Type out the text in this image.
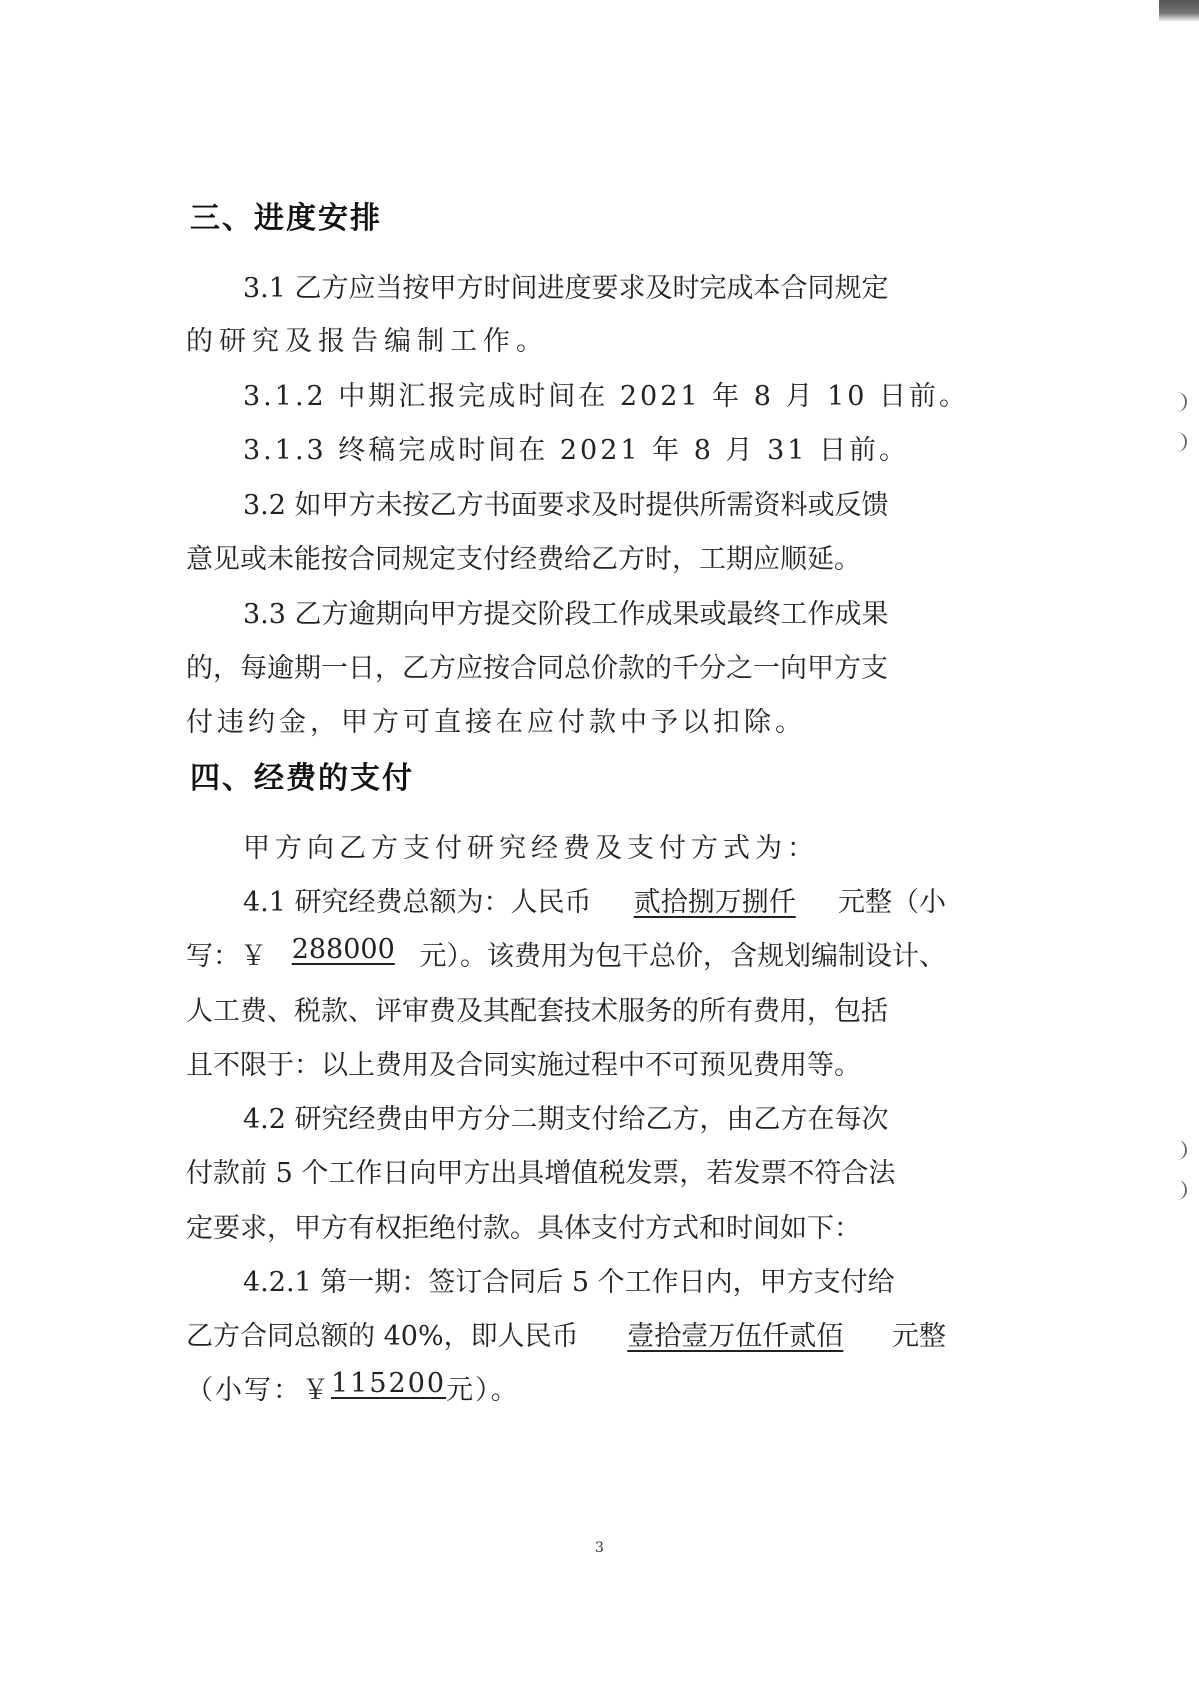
三、进度安排
3.1 乙方应当按甲方时间进度要求及时完成本合同规定
的研究及报告编制工作。
3.1.2 中期汇报完成时间在 2021 年 8 月 10 日前。
3.1.3 终稿完成时间在 2021 年 8 月 31 日前。
3.2 如甲方未按乙方书面要求及时提供所需资料或反馈
意见或未能按合同规定支付经费给乙方时，工期应顺延。
3.3 乙方逾期向甲方提交阶段工作成果或最终工作成果
的，每逾期一日，乙方应按合同总价款的千分之一向甲方支
付违约金，甲方可直接在应付款中予以扣除。
四、经费的支付
甲方向乙方支付研究经费及支付方式为：
4.1 研究经费总额为：人民币 贰拾捌万捌仟 元整（小
写：￥ 288000 元）。该费用为包干总价，含规划编制设计、
人工费、税款、评审费及其配套技术服务的所有费用，包括
且不限于：以上费用及合同实施过程中不可预见费用等。
4.2 研究经费由甲方分二期支付给乙方，由乙方在每次
付款前 5 个工作日向甲方出具增值税发票，若发票不符合法
定要求，甲方有权拒绝付款。具体支付方式和时间如下：
4.2.1 第一期：签订合同后 5 个工作日内，甲方支付给
乙方合同总额的 40%，即人民币 壹拾壹万伍仟贰佰 元整
（小写：￥ 115200 元）。
3
